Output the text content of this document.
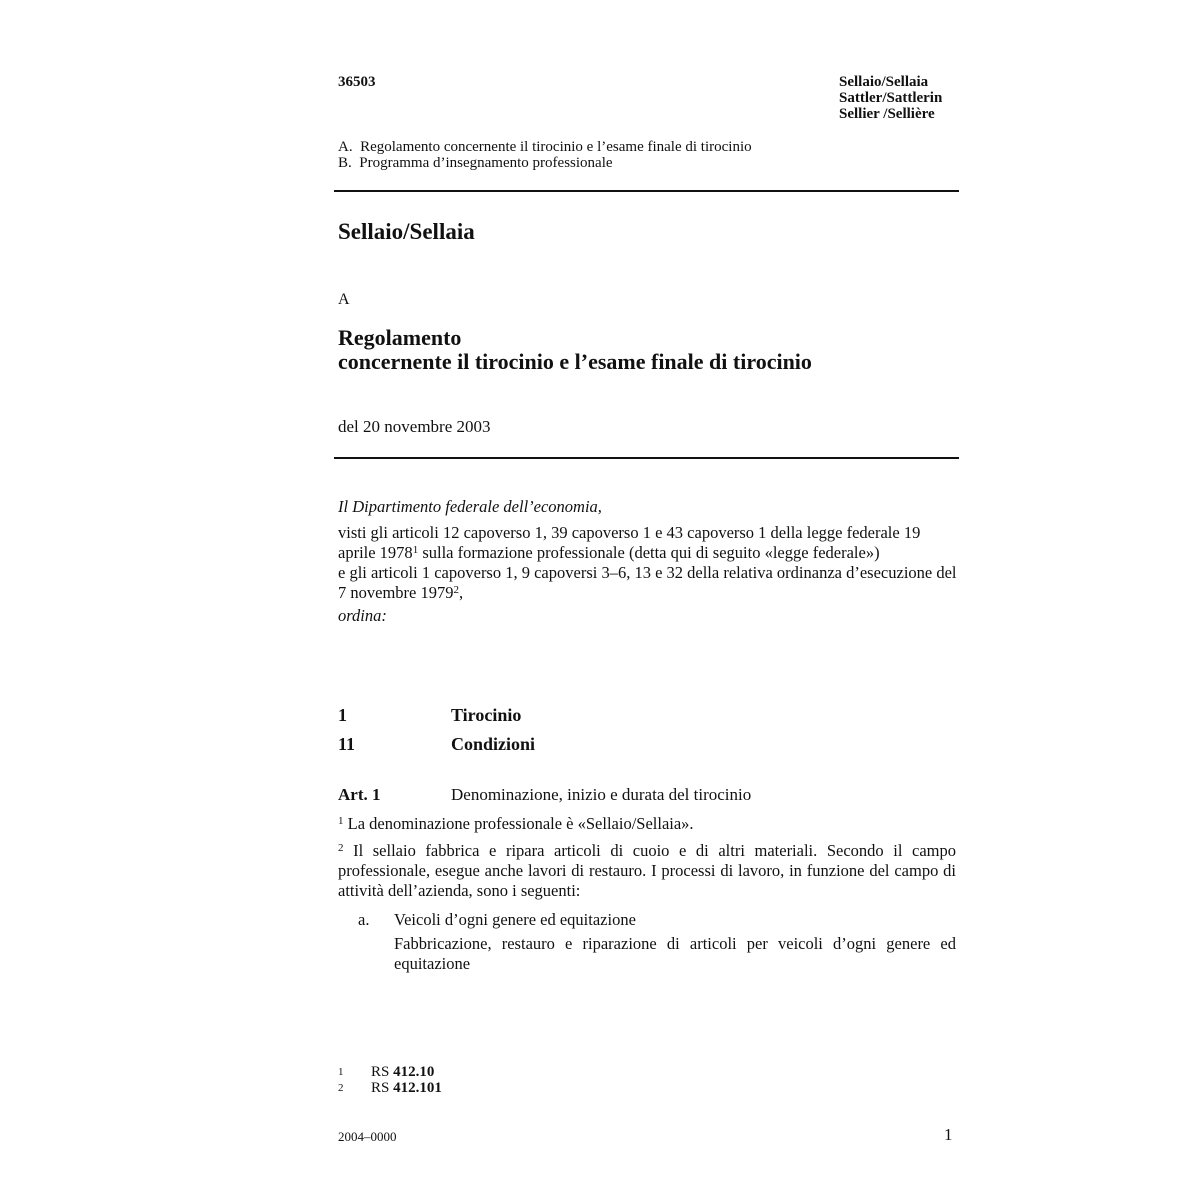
36503	Sellaio/Sellaia
Sattler/Sattlerin
Sellier /Sellière
A.  Regolamento concernente il tirocinio e l’esame finale di tirocinio
B.  Programma d’insegnamento professionale
Sellaio/Sellaia
A
Regolamento
concernente il tirocinio e l’esame finale di tirocinio
del 20 novembre 2003

Il Dipartimento federale dell’economia,

visti gli articoli 12 capoverso 1, 39 capoverso 1 e 43 capoverso 1 della legge federale 19 aprile 1978$^1$ sulla formazione professionale (detta qui di seguito «legge federale»)

e gli articoli 1 capoverso 1, 9 capoversi 3–6, 13 e 32 della relativa ordinanza d’esecuzione del 7 novembre 1979$^2$,

ordina:

1	Tirocinio
11	Condizioni
Art. 1	Denominazione, inizio e durata del tirocinio
$^1$ La denominazione professionale è «Sellaio/Sellaia».
$^2$ Il sellaio fabbrica e ripara articoli di cuoio e di altri materiali. Secondo il campo professionale, esegue anche lavori di restauro. I processi di lavoro, in funzione del campo di attività dell’azienda, sono i seguenti:
a. Veicoli d’ogni genere ed equitazione

Fabbricazione, restauro e riparazione di articoli per veicoli d’ogni genere ed equitazione

1	RS 412.10
2	RS 412.101
2004–0000	1
